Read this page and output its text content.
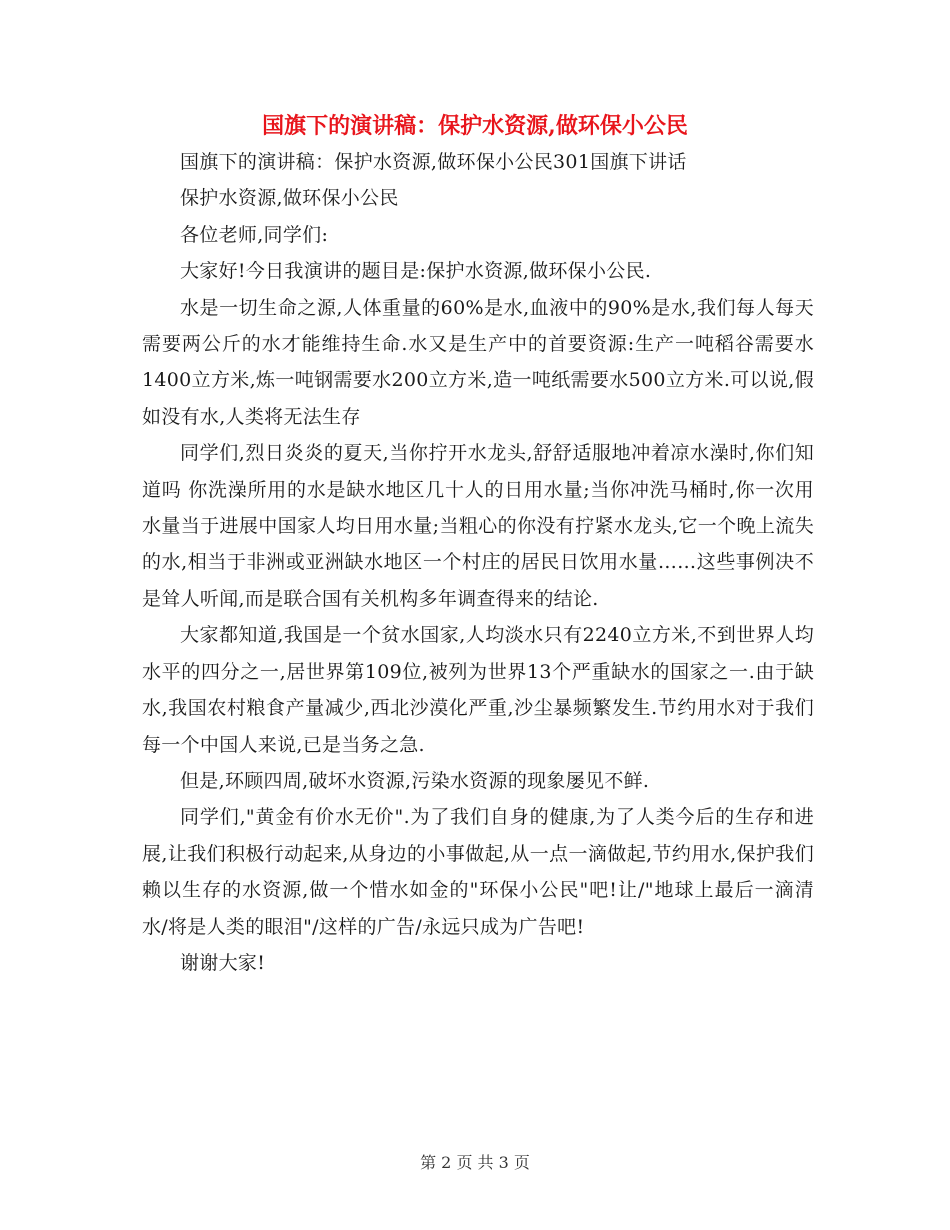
国旗下的演讲稿：保护水资源,做环保小公民

国旗下的演讲稿：保护水资源,做环保小公民301国旗下讲话

保护水资源,做环保小公民

各位老师,同学们:

大家好!今日我演讲的题目是:保护水资源,做环保小公民.

水是一切生命之源,人体重量的60%是水,血液中的90%是水,我们每人每天需要两公斤的水才能维持生命.水又是生产中的首要资源:生产一吨稻谷需要水1400立方米,炼一吨钢需要水200立方米,造一吨纸需要水500立方米.可以说,假如没有水,人类将无法生存

同学们,烈日炎炎的夏天,当你拧开水龙头,舒舒适服地冲着凉水澡时,你们知道吗 你洗澡所用的水是缺水地区几十人的日用水量;当你冲洗马桶时,你一次用水量当于进展中国家人均日用水量;当粗心的你没有拧紧水龙头,它一个晚上流失的水,相当于非洲或亚洲缺水地区一个村庄的居民日饮用水量……这些事例决不是耸人听闻,而是联合国有关机构多年调查得来的结论.

大家都知道,我国是一个贫水国家,人均淡水只有2240立方米,不到世界人均水平的四分之一,居世界第109位,被列为世界13个严重缺水的国家之一.由于缺水,我国农村粮食产量减少,西北沙漠化严重,沙尘暴频繁发生.节约用水对于我们每一个中国人来说,已是当务之急.

但是,环顾四周,破坏水资源,污染水资源的现象屡见不鲜.

同学们,"黄金有价水无价".为了我们自身的健康,为了人类今后的生存和进展,让我们积极行动起来,从身边的小事做起,从一点一滴做起,节约用水,保护我们赖以生存的水资源,做一个惜水如金的"环保小公民"吧!让/"地球上最后一滴清水/将是人类的眼泪"/这样的广告/永远只成为广告吧!

谢谢大家!

第 2 页 共 3 页
